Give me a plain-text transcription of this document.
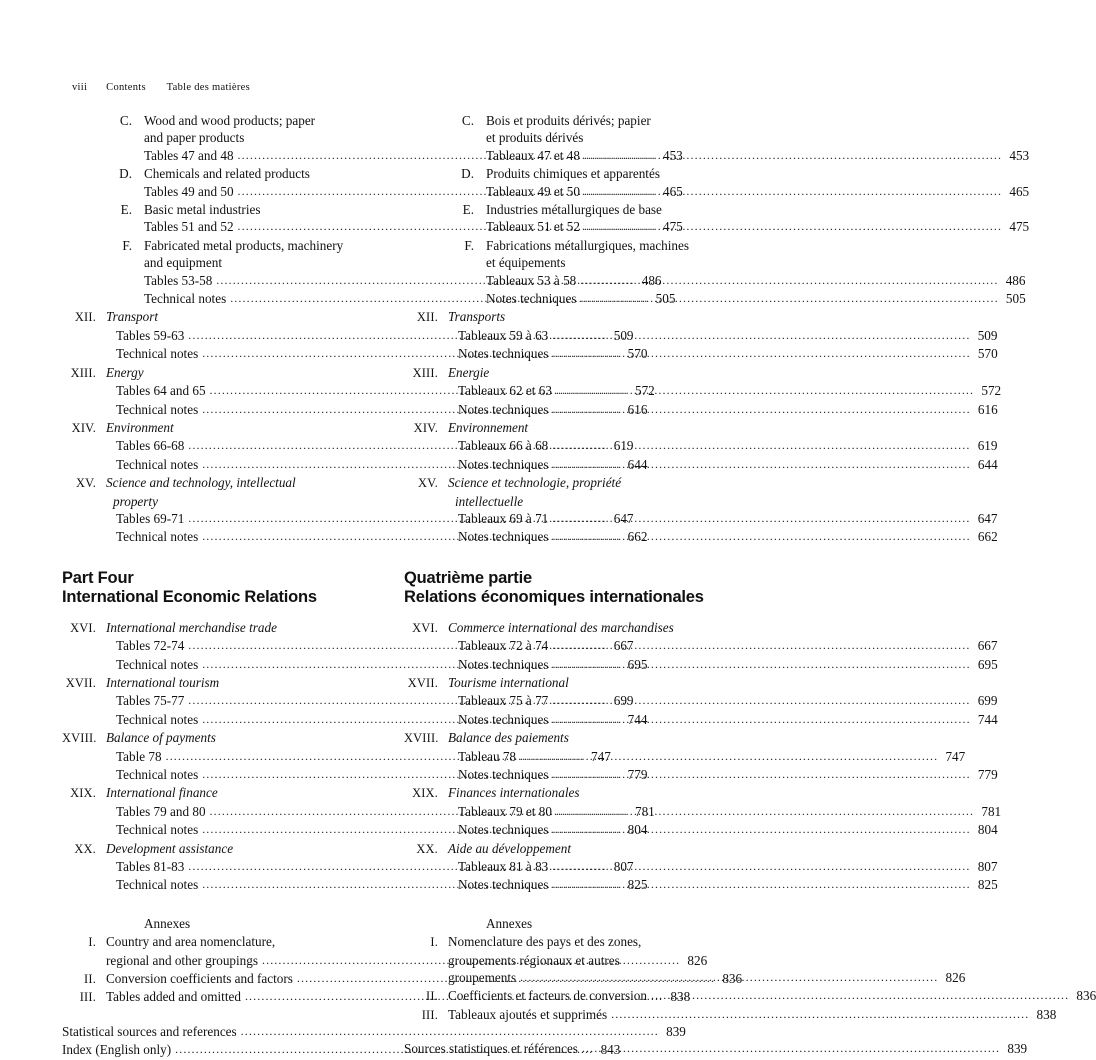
viii Contents Table des matières
C. Wood and wood products; paper
and paper products
Tables 47 and 48 .....	453
D. Chemicals and related products
Tables 49 and 50 .....	465
E. Basic metal industries
Tables 51 and 52 .....	475
F. Fabricated metal products, machinery
and equipment
Tables 53-58 .....	486
Technical notes .....	505
XII. Transport
Tables 59-63 .....	509
Technical notes .....	570
XIII. Energy
Tables 64 and 65 .....	572
Technical notes .....	616
XIV. Environment
Tables 66-68 .....	619
Technical notes .....	644
XV. Science and technology, intellectual
property
Tables 69-71 .....	647
Technical notes .....	662
Part Four
International Economic Relations
XVI. International merchandise trade
Tables 72-74 .....	667
Technical notes .....	695
XVII. International tourism
Tables 75-77 .....	699
Technical notes .....	744
XVIII. Balance of payments
Table 78 .....	747
Technical notes .....	779
XIX. International finance
Tables 79 and 80 .....	781
Technical notes .....	804
XX. Development assistance
Tables 81-83 .....	807
Technical notes .....	825
Annexes
I. Country and area nomenclature,
regional and other groupings .....	826
II. Conversion coefficients and factors .....	836
III. Tables added and omitted .....	838
Statistical sources and references .....	839
Index (English only) .....	843
C. Bois et produits dérivés; papier
et produits dérivés
Tableaux 47 et 48 .....	453
D. Produits chimiques et apparentés
Tableaux 49 et 50 .....	465
E. Industries métallurgiques de base
Tableaux 51 et 52 .....	475
F. Fabrications métallurgiques, machines
et équipements
Tableaux 53 à 58 .....	486
Notes techniques .....	505
XII. Transports
Tableaux 59 à 63 .....	509
Notes techniques .....	570
XIII. Energie
Tableaux 62 et 63 .....	572
Notes techniques .....	616
XIV. Environnement
Tableaux 66 à 68 .....	619
Notes techniques .....	644
XV. Science et technologie, propriété
intellectuelle
Tableaux 69 à 71 .....	647
Notes techniques .....	662
Quatrième partie
Relations économiques internationales
XVI. Commerce international des marchandises
Tableaux 72 à 74 .....	667
Notes techniques .....	695
XVII. Tourisme international
Tableaux 75 à 77 .....	699
Notes techniques .....	744
XVIII. Balance des paiements
Tableau 78 .....	747
Notes techniques .....	779
XIX. Finances internationales
Tableaux 79 et 80 .....	781
Notes techniques .....	804
XX. Aide au développement
Tableaux 81 à 83 .....	807
Notes techniques .....	825
Annexes
I. Nomenclature des pays et des zones,
groupements régionaux et autres
groupements .....	826
II. Coefficients et facteurs de conversion .....	836
III. Tableaux ajoutés et supprimés .....	838
Sources statistiques et références .....	839
